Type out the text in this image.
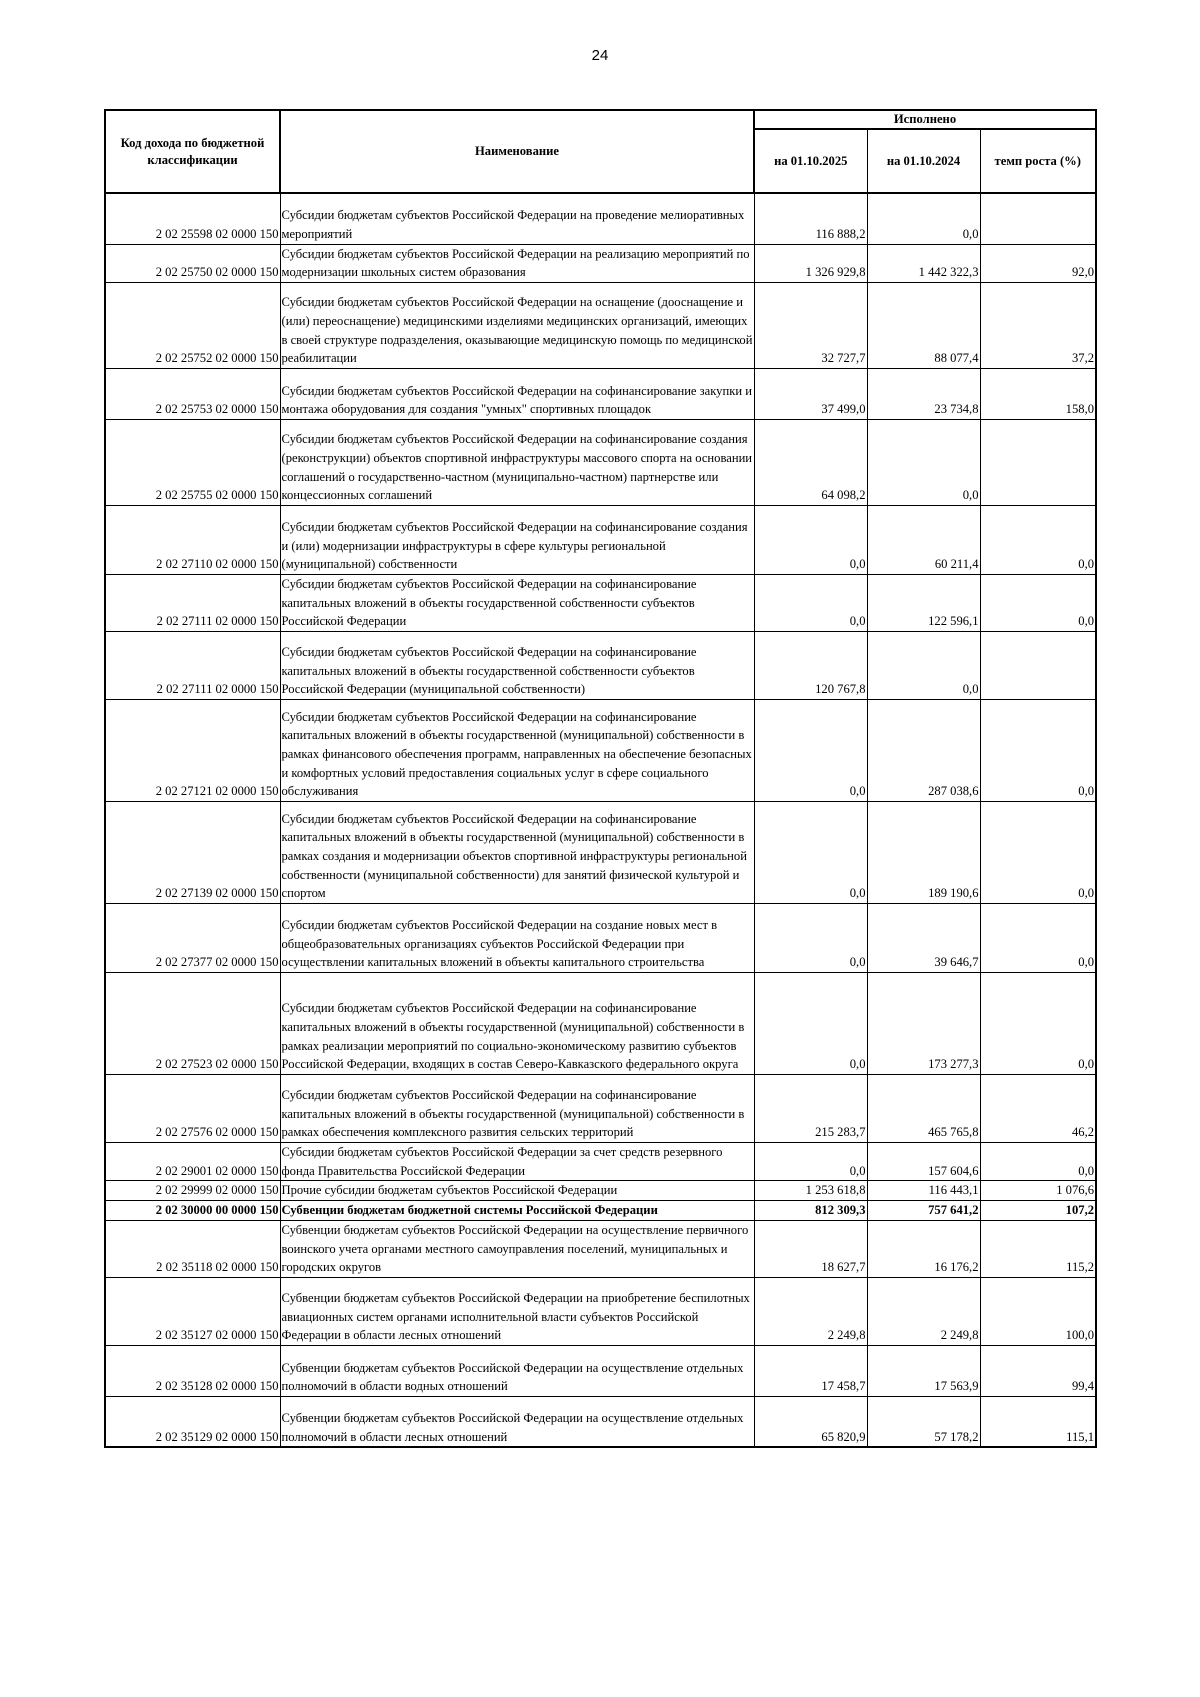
24
Код дохода по бюджетной классификации	Наименование	Исполнено		
		на 01.10.2025	на 01.10.2024	темп роста (%)
2 02 25598 02 0000 150	Субсидии бюджетам субъектов Российской Федерации на проведение мелиоративных мероприятий	116 888,2	0,0	
2 02 25750 02 0000 150	Субсидии бюджетам субъектов Российской Федерации на реализацию мероприятий по модернизации школьных систем образования	1 326 929,8	1 442 322,3	92,0
2 02 25752 02 0000 150	Субсидии бюджетам субъектов Российской Федерации на оснащение (дооснащение и (или) переоснащение) медицинскими изделиями медицинских организаций, имеющих в своей структуре подразделения, оказывающие медицинскую помощь по медицинской реабилитации	32 727,7	88 077,4	37,2
2 02 25753 02 0000 150	Субсидии бюджетам субъектов Российской Федерации на софинансирование закупки и монтажа оборудования для создания "умных" спортивных площадок	37 499,0	23 734,8	158,0
2 02 25755 02 0000 150	Субсидии бюджетам субъектов Российской Федерации на софинансирование создания (реконструкции) объектов спортивной инфраструктуры массового спорта на основании соглашений о государственно-частном (муниципально-частном) партнерстве или концессионных соглашений	64 098,2	0,0	
2 02 27110 02 0000 150	Субсидии бюджетам субъектов Российской Федерации на софинансирование создания и (или) модернизации инфраструктуры в сфере культуры региональной (муниципальной) собственности	0,0	60 211,4	0,0
2 02 27111 02 0000 150	Субсидии бюджетам субъектов Российской Федерации на софинансирование капитальных вложений в объекты государственной собственности субъектов Российской Федерации	0,0	122 596,1	0,0
2 02 27111 02 0000 150	Субсидии бюджетам субъектов Российской Федерации на софинансирование капитальных вложений в объекты государственной собственности субъектов Российской Федерации (муниципальной собственности)	120 767,8	0,0	
2 02 27121 02 0000 150	Субсидии бюджетам субъектов Российской Федерации на софинансирование капитальных вложений в объекты государственной (муниципальной) собственности в рамках финансового обеспечения программ, направленных на обеспечение безопасных и комфортных условий предоставления социальных услуг в сфере социального обслуживания	0,0	287 038,6	0,0
2 02 27139 02 0000 150	Субсидии бюджетам субъектов Российской Федерации на софинансирование капитальных вложений в объекты государственной (муниципальной) собственности в рамках создания и модернизации объектов спортивной инфраструктуры региональной собственности (муниципальной собственности) для занятий физической культурой и спортом	0,0	189 190,6	0,0
2 02 27377 02 0000 150	Субсидии бюджетам субъектов Российской Федерации на создание новых мест в общеобразовательных организациях субъектов Российской Федерации при осуществлении капитальных вложений в объекты капитального строительства	0,0	39 646,7	0,0
2 02 27523 02 0000 150	Субсидии бюджетам субъектов Российской Федерации на софинансирование капитальных вложений в объекты государственной (муниципальной) собственности в рамках реализации мероприятий по социально-экономическому развитию субъектов Российской Федерации, входящих в состав Северо-Кавказского федерального округа	0,0	173 277,3	0,0
2 02 27576 02 0000 150	Субсидии бюджетам субъектов Российской Федерации на софинансирование капитальных вложений в объекты государственной (муниципальной) собственности в рамках обеспечения комплексного развития сельских территорий	215 283,7	465 765,8	46,2
2 02 29001 02 0000 150	Субсидии бюджетам субъектов Российской Федерации за счет средств резервного фонда Правительства Российской Федерации	0,0	157 604,6	0,0
2 02 29999 02 0000 150	Прочие субсидии бюджетам субъектов Российской Федерации	1 253 618,8	116 443,1	1 076,6
2 02 30000 00 0000 150	Субвенции бюджетам бюджетной системы Российской Федерации	812 309,3	757 641,2	107,2
2 02 35118 02 0000 150	Субвенции бюджетам субъектов Российской Федерации на осуществление первичного воинского учета органами местного самоуправления поселений, муниципальных и городских округов	18 627,7	16 176,2	115,2
2 02 35127 02 0000 150	Субвенции бюджетам субъектов Российской Федерации на приобретение беспилотных авиационных систем органами исполнительной власти субъектов Российской Федерации в области лесных отношений	2 249,8	2 249,8	100,0
2 02 35128 02 0000 150	Субвенции бюджетам субъектов Российской Федерации на осуществление отдельных полномочий в области водных отношений	17 458,7	17 563,9	99,4
2 02 35129 02 0000 150	Субвенции бюджетам субъектов Российской Федерации на осуществление отдельных полномочий в области лесных отношений	65 820,9	57 178,2	115,1
